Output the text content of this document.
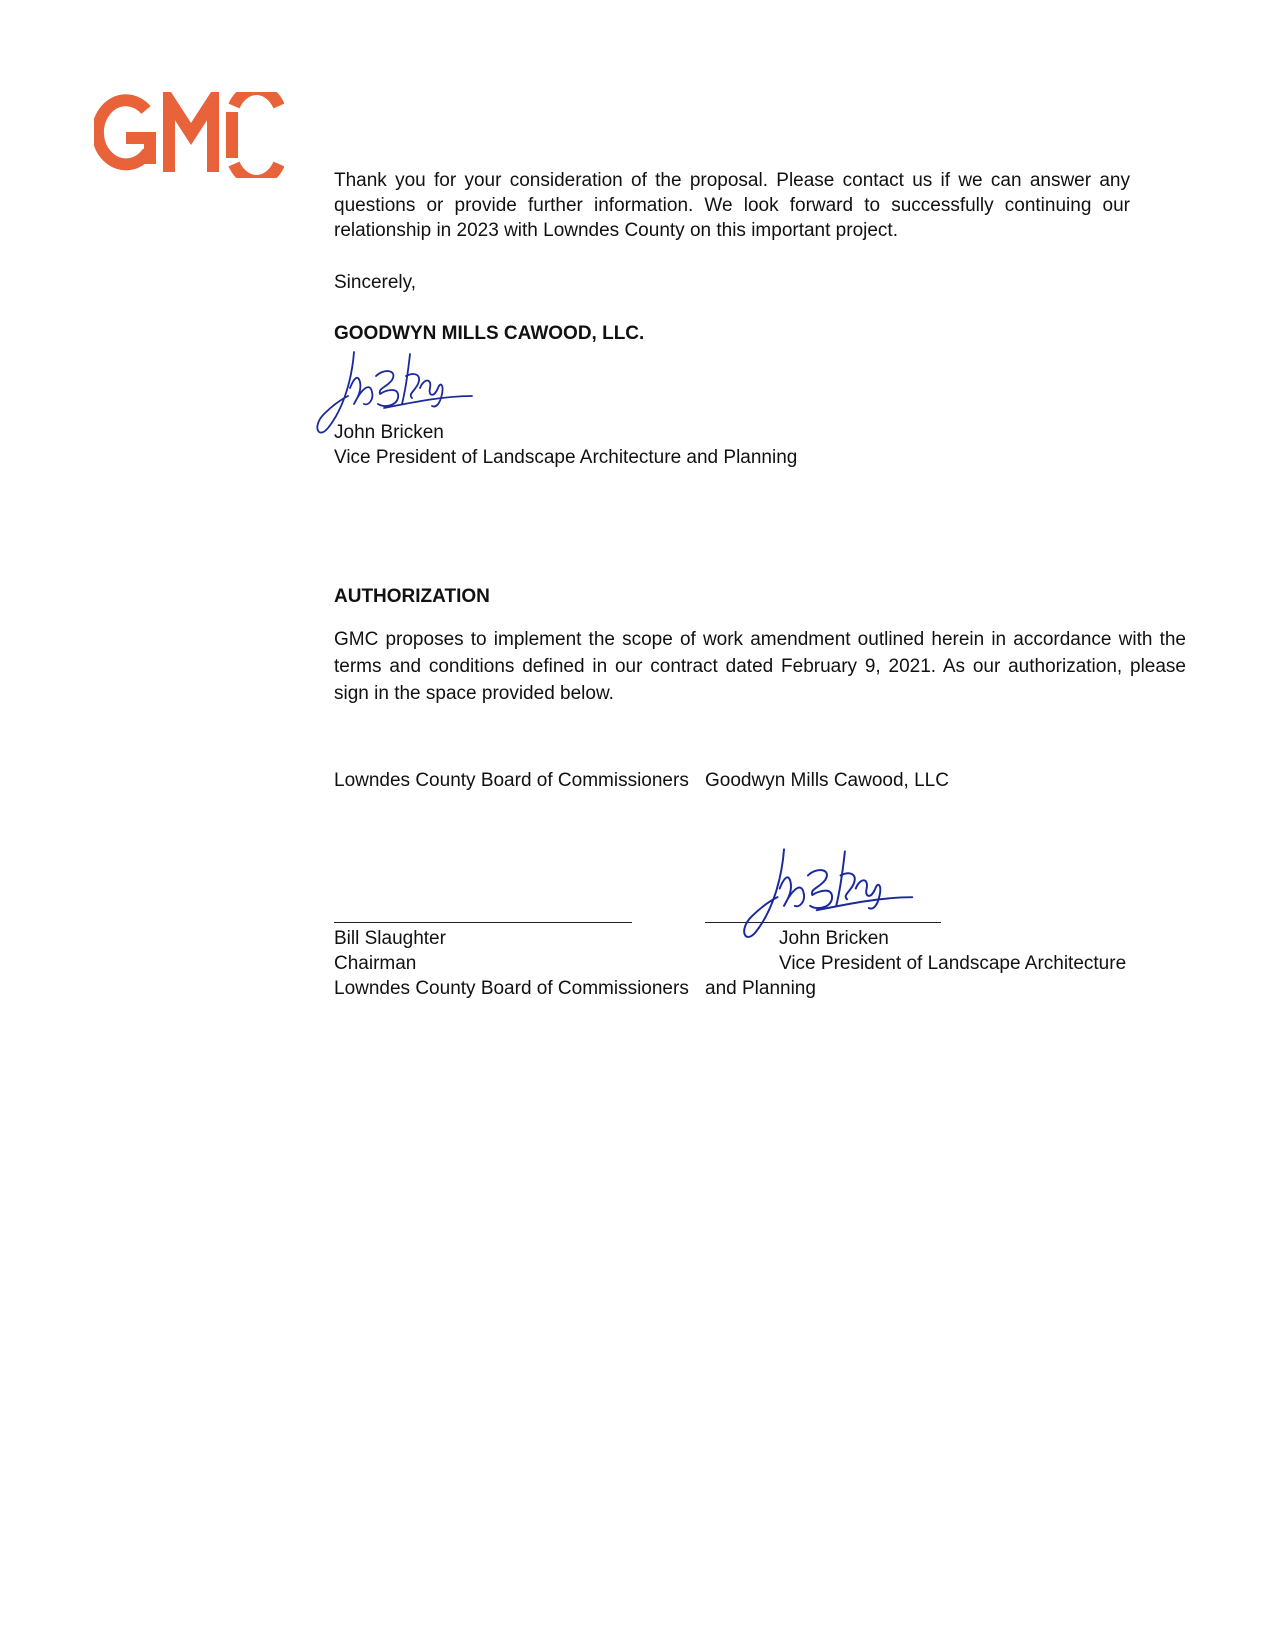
GMC
Thank you for your consideration of the proposal. Please contact us if we can answer any questions or provide further information. We look forward to successfully continuing our relationship in 2023 with Lowndes County on this important project.
Sincerely,
GOODWYN MILLS CAWOOD, LLC.
John Bricken
Vice President of Landscape Architecture and Planning
AUTHORIZATION
GMC proposes to implement the scope of work amendment outlined herein in accordance with the terms and conditions defined in our contract dated February 9, 2021. As our authorization, please sign in the space provided below.
Lowndes County Board of Commissioners Goodwyn Mills Cawood, LLC
Bill Slaughter
Chairman
Lowndes County Board of Commissioners
John Bricken
Vice President of Landscape Architecture
and Planning
